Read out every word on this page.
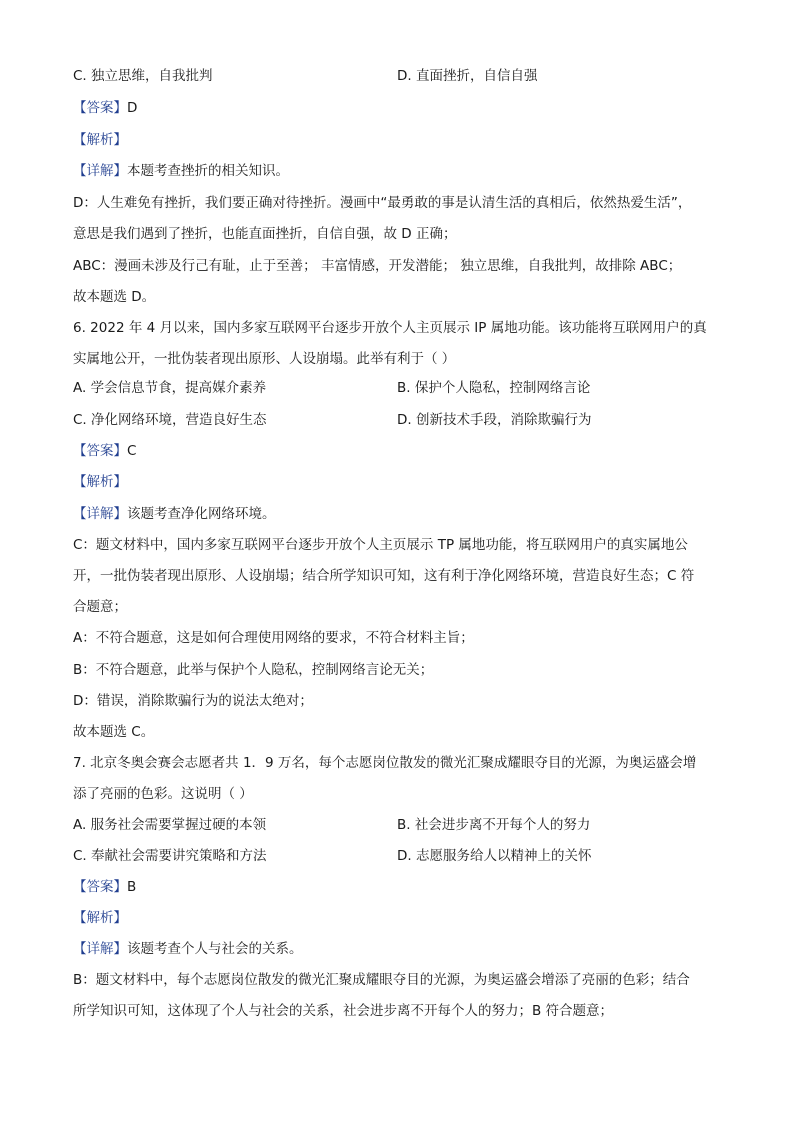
C. 独立思维，自我批判	D. 直面挫折，自信自强
【答案】D
【解析】
【详解】本题考查挫折的相关知识。
D：人生难免有挫折，我们要正确对待挫折。漫画中“最勇敢的事是认清生活的真相后，依然热爱生活”，
意思是我们遇到了挫折，也能直面挫折，自信自强，故 D 正确；
ABC：漫画未涉及行己有耻，止于至善； 丰富情感，开发潜能； 独立思维，自我批判，故排除 ABC；
故本题选 D。
6. 2022 年 4 月以来，国内多家互联网平台逐步开放个人主页展示 IP 属地功能。该功能将互联网用户的真
实属地公开，一批伪装者现出原形、人设崩塌。此举有利于（ ）
A. 学会信息节食，提高媒介素养	B. 保护个人隐私，控制网络言论
C. 净化网络环境，营造良好生态	D. 创新技术手段，消除欺骗行为
【答案】C
【解析】
【详解】该题考查净化网络环境。
C：题文材料中，国内多家互联网平台逐步开放个人主页展示 TP 属地功能，将互联网用户的真实属地公
开，一批伪装者现出原形、人设崩塌；结合所学知识可知，这有利于净化网络环境，营造良好生态；C 符
合题意；
A：不符合题意，这是如何合理使用网络的要求，不符合材料主旨；
B：不符合题意，此举与保护个人隐私，控制网络言论无关；
D：错误，消除欺骗行为的说法太绝对；
故本题选 C。
7. 北京冬奥会赛会志愿者共 1．9 万名，每个志愿岗位散发的微光汇聚成耀眼夺目的光源，为奥运盛会增
添了亮丽的色彩。这说明（ ）
A. 服务社会需要掌握过硬的本领	B. 社会进步离不开每个人的努力
C. 奉献社会需要讲究策略和方法	D. 志愿服务给人以精神上的关怀
【答案】B
【解析】
【详解】该题考查个人与社会的关系。
B：题文材料中，每个志愿岗位散发的微光汇聚成耀眼夺目的光源，为奥运盛会增添了亮丽的色彩；结合
所学知识可知，这体现了个人与社会的关系，社会进步离不开每个人的努力；B 符合题意；
